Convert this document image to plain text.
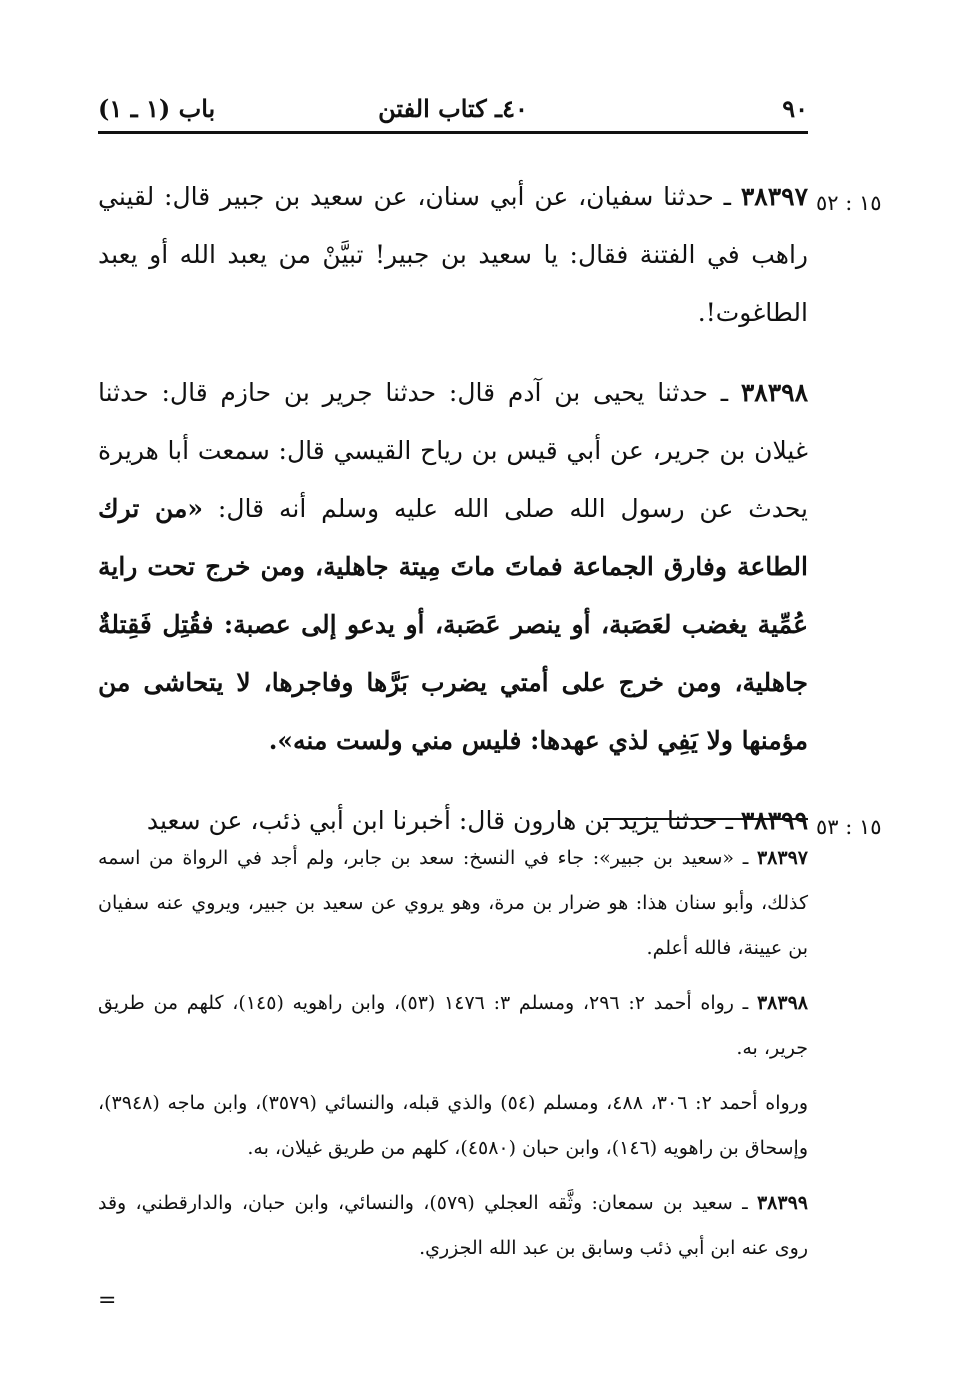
٩٠
٤٠ـ كتاب الفتن
باب (١ ـ ١)

١٥ : ٥٢
٣٨٣٩٧ ـ حدثنا سفيان، عن أبي سنان، عن سعيد بن جبير قال: لقيني راهب في الفتنة فقال: يا سعيد بن جبير! تبيَّنْ من يعبد الله أو يعبد الطاغوت!.

٣٨٣٩٨ ـ حدثنا يحيى بن آدم قال: حدثنا جرير بن حازم قال: حدثنا غيلان بن جرير، عن أبي قيس بن رياح القيسي قال: سمعت أبا هريرة يحدث عن رسول الله صلى الله عليه وسلم أنه قال: «من ترك الطاعة وفارق الجماعة فماتَ ماتَ مِيتة جاهلية، ومن خرج تحت راية عُمِّية يغضب لعَصَبة، أو ينصر عَصَبة، أو يدعو إلى عصبة: فقُتِل فَقِتلةٌ جاهلية، ومن خرج على أمتي يضرب بَرَّها وفاجرها، لا يتحاشى من مؤمنها ولا يَفِي لذي عهدها: فليس مني ولست منه».

١٥ : ٥٣
٣٨٣٩٩ ـ حدثنا يزيد بن هارون قال: أخبرنا ابن أبي ذئب، عن سعيد

٣٨٣٩٧ ـ «سعيد بن جبير»: جاء في النسخ: سعد بن جابر، ولم أجد في الرواة من اسمه كذلك، وأبو سنان هذا: هو ضرار بن مرة، وهو يروي عن سعيد بن جبير، ويروي عنه سفيان بن عيينة، فالله أعلم.

٣٨٣٩٨ ـ رواه أحمد ٢: ٢٩٦، ومسلم ٣: ١٤٧٦ (٥٣)، وابن راهويه (١٤٥)، كلهم من طريق جرير، به.

ورواه أحمد ٢: ٣٠٦، ٤٨٨، ومسلم (٥٤) والذي قبله، والنسائي (٣٥٧٩)، وابن ماجه (٣٩٤٨)، وإسحاق بن راهويه (١٤٦)، وابن حبان (٤٥٨٠)، كلهم من طريق غيلان، به.

٣٨٣٩٩ ـ سعيد بن سمعان: وثَّقه العجلي (٥٧٩)، والنسائي، وابن حبان، والدارقطني، وقد روى عنه ابن أبي ذئب وسابق بن عبد الله الجزري.

=
